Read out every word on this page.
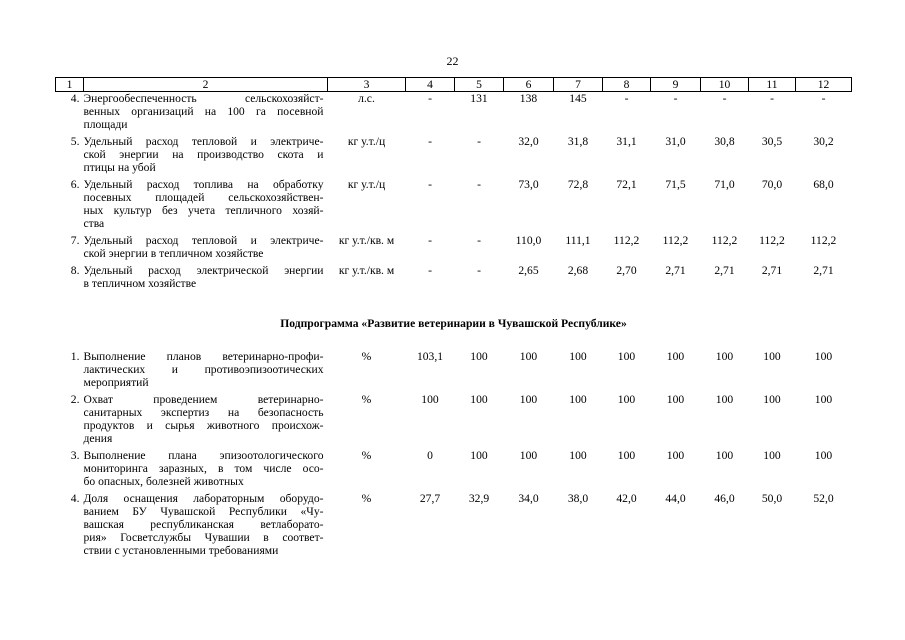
22
1	2	3	4	5	6	7	8	9	10	11	12
4.	Энергообеспеченность сельскохозяйст-
венных организаций на 100 га посевной
площади	л.с.	-	131	138	145	-	-	-	-	-

5.	Удельный расход тепловой и электриче-
ской энергии на производство скота и
птицы на убой	кг у.т./ц	-	-	32,0	31,8	31,1	31,0	30,8	30,5	30,2

6.	Удельный расход топлива на обработку
посевных площадей сельскохозяйствен-
ных культур без учета тепличного хозяй-
ства	кг у.т./ц	-	-	73,0	72,8	72,1	71,5	71,0	70,0	68,0

7.	Удельный расход тепловой и электриче-
ской энергии в тепличном хозяйстве	кг у.т./кв. м	-	-	110,0	111,1	112,2	112,2	112,2	112,2	112,2

8.	Удельный расход электрической энергии
в тепличном хозяйстве	кг у.т./кв. м	-	-	2,65	2,68	2,70	2,71	2,71	2,71	2,71

Подпрограмма «Развитие ветеринарии в Чувашской Республике»											
1.	Выполнение планов ветеринарно-профи-
лактических и противоэпизоотических
мероприятий	%	103,1	100	100	100	100	100	100	100	100

2.	Охват проведением ветеринарно-
санитарных экспертиз на безопасность
продуктов и сырья животного происхож-
дения	%	100	100	100	100	100	100	100	100	100

3.	Выполнение плана эпизоотологического
мониторинга заразных, в том числе осо-
бо опасных, болезней животных	%	0	100	100	100	100	100	100	100	100

4.	Доля оснащения лабораторным оборудо-
ванием БУ Чувашской Республики «Чу-
вашская республиканская ветлаборато-
рия» Госветслужбы Чувашии в соответ-
ствии с установленными требованиями	%	27,7	32,9	34,0	38,0	42,0	44,0	46,0	50,0	52,0
